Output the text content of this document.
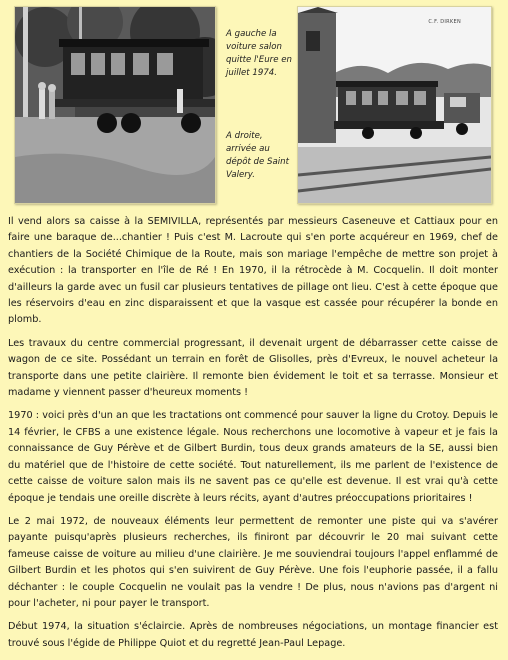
A gauche la voiture salon quitte l'Eure en juillet 1974.
A droite, arrivée au dépôt de Saint Valery.
C.F. DIRKEN

Il vend alors sa caisse à la SEMIVILLA, représentés par messieurs Caseneuve et Cattiaux pour en faire une baraque de...chantier ! Puis c'est M. Lacroute qui s'en porte acquéreur en 1969, chef de chantiers de la Société Chimique de la Route, mais son mariage l'empêche de mettre son projet à exécution : la transporter en l'île de Ré ! En 1970, il la rétrocède à M. Cocquelin. Il doit monter d'ailleurs la garde avec un fusil car plusieurs tentatives de pillage ont lieu. C'est à cette époque que les réservoirs d'eau en zinc disparaissent et que la vasque est cassée pour récupérer la bonde en plomb.

Les travaux du centre commercial progressant, il devenait urgent de débarrasser cette caisse de wagon de ce site. Possédant un terrain en forêt de Glisolles, près d'Evreux, le nouvel acheteur la transporte dans une petite clairière. Il remonte bien évidement le toit et sa terrasse. Monsieur et madame y viennent passer d'heureux moments !

1970 : voici près d'un an que les tractations ont commencé pour sauver la ligne du Crotoy. Depuis le 14 février, le CFBS a une existence légale. Nous recherchons une locomotive à vapeur et je fais la connaissance de Guy Pérève et de Gilbert Burdin, tous deux grands amateurs de la SE, aussi bien du matériel que de l'histoire de cette société. Tout naturellement, ils me parlent de l'existence de cette caisse de voiture salon mais ils ne savent pas ce qu'elle est devenue. Il est vrai qu'à cette époque je tendais une oreille discrète à leurs récits, ayant d'autres préoccupations prioritaires !

Le 2 mai 1972, de nouveaux éléments leur permettent de remonter une piste qui va s'avérer payante puisqu'après plusieurs recherches, ils finiront par découvrir le 20 mai suivant cette fameuse caisse de voiture au milieu d'une clairière. Je me souviendrai toujours l'appel enflammé de Gilbert Burdin et les photos qui s'en suivirent de Guy Pérève. Une fois l'euphorie passée, il a fallu déchanter : le couple Cocquelin ne voulait pas la vendre ! De plus, nous n'avions pas d'argent ni pour l'acheter, ni pour payer le transport.

Début 1974, la situation s'éclaircie. Après de nombreuses négociations, un montage financier est trouvé sous l'égide de Philippe Quiot et du regretté Jean-Paul Lepage.
